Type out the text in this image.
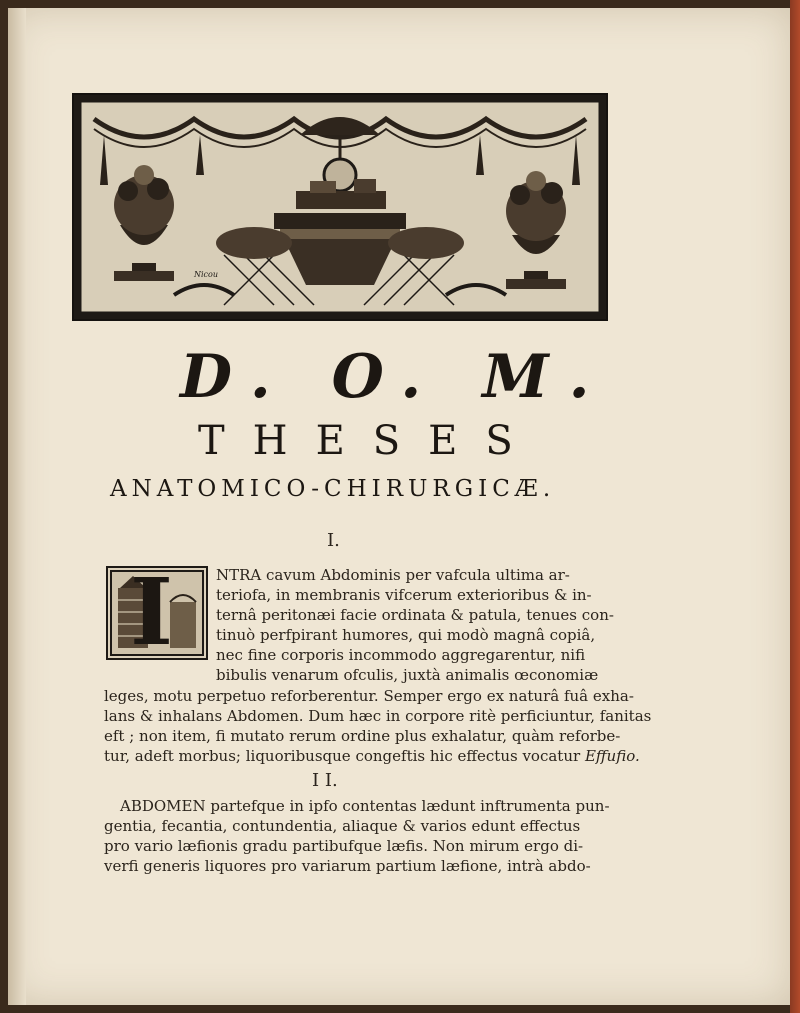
Nicou
D. O. M.
THESES
ANATOMICO-CHIRURGICÆ.
I.
I	NTRA cavum Abdominis per vafcula ultima ar-
teriofa, in membranis vifcerum exterioribus & in-
ternâ peritonæi facie ordinata & patula, tenues con-
tinuò perfpirant humores, qui modò magnâ copiâ,
nec fine corporis incommodo aggregarentur, nifi
bibulis venarum ofculis, juxtà animalis œconomiæ
leges, motu perpetuo reforberentur. Semper ergo ex naturâ fuâ exha-
lans & inhalans Abdomen. Dum hæc in corpore ritè perficiuntur, fanitas
eft ; non item, fi mutato rerum ordine plus exhalatur, quàm reforbe-
tur, adeft morbus; liquoribusque congeftis hic effectus vocatur Effufio.
I I.
ABDOMEN partefque in ipfo contentas lædunt inftrumenta pun-
gentia, fecantia, contundentia, aliaque & varios edunt effectus
pro vario læfionis gradu partibufque læfis. Non mirum ergo di-
verfi generis liquores pro variarum partium læfione, intrà abdo-
